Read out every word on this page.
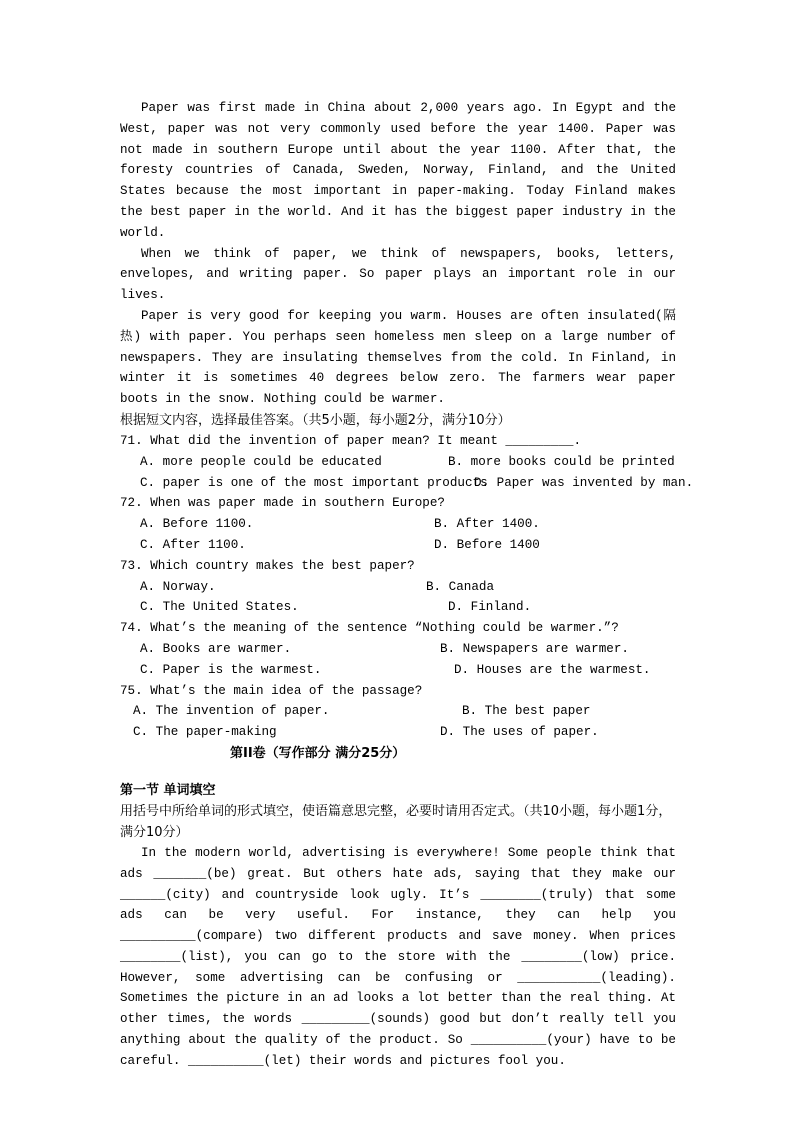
Paper was first made in China about 2,000 years ago. In Egypt and the West, paper was not very commonly used before the year 1400. Paper was not made in southern Europe until about the year 1100. After that, the foresty countries of Canada, Sweden, Norway, Finland, and the United States because the most important in paper-making. Today Finland makes the best paper in the world. And it has the biggest paper industry in the world.

When we think of paper, we think of newspapers, books, letters, envelopes, and writing paper. So paper plays an important role in our lives.

Paper is very good for keeping you warm. Houses are often insulated(隔热) with paper. You perhaps seen homeless men sleep on a large number of newspapers. They are insulating themselves from the cold. In Finland, in winter it is sometimes 40 degrees below zero. The farmers wear paper boots in the snow. Nothing could be warmer.

根据短文内容，选择最佳答案。（共5小题，每小题2分，满分10分）
71. What did the invention of paper mean? It meant _________.

A. more people could be educated

	B. more books could be printed

C. paper is one of the most important products

D. Paper was invented by man.

72. When was paper made in southern Europe?

A. Before 1100.

	B. After 1400.

C. After 1100.

	D. Before 1400

73. Which country makes the best paper?

A. Norway.

	B. Canada

C. The United States.

	D. Finland.

74. What’s the meaning of the sentence “Nothing could be warmer.”?

A. Books are warmer.

	B. Newspapers are warmer.

C. Paper is the warmest.

	D. Houses are the warmest.

75. What’s the main idea of the passage?

A. The invention of paper.

	B. The best paper

C. The paper-making

	D. The uses of paper.

第II卷（写作部分 满分25分）
第一节 单词填空
用括号中所给单词的形式填空，使语篇意思完整，必要时请用否定式。（共10小题，每小题1分，满分10分）

In the modern world, advertising is everywhere! Some people think that ads _______(be) great. But others hate ads, saying that they make our ______(city) and countryside look ugly. It’s ________(truly) that some ads can be very useful. For instance, they can help you __________(compare) two different products and save money. When prices ________(list), you can go to the store with the ________(low) price. However, some advertising can be confusing or ___________(leading). Sometimes the picture in an ad looks a lot better than the real thing. At other times, the words _________(sounds) good but don’t really tell you anything about the quality of the product. So __________(your) have to be careful. __________(let) their words and pictures fool you.
